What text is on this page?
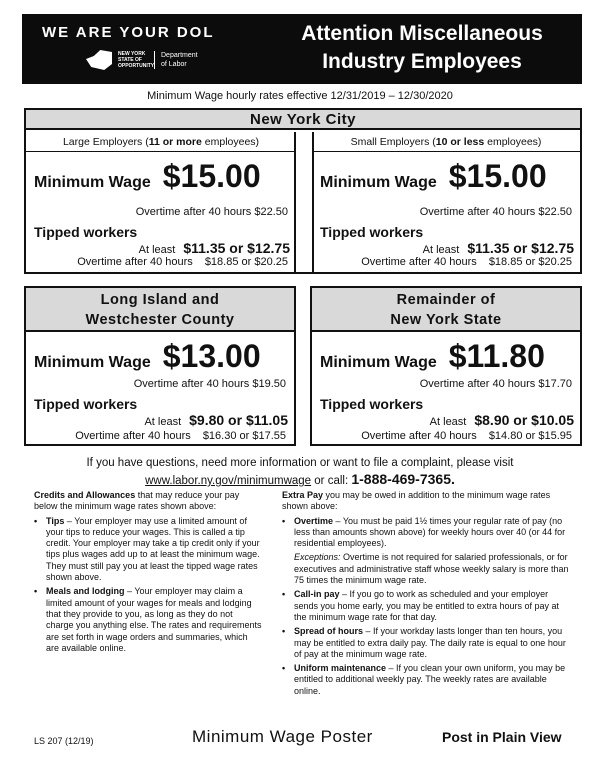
WE ARE YOUR DOL
NEW YORK STATE OF OPPORTUNITY
Department
of Labor
Attention Miscellaneous
Industry Employees
Minimum Wage hourly rates effective 12/31/2019 – 12/30/2020
New York City
Large Employers (11 or more employees)
Minimum Wage $15.00
Overtime after 40 hours $22.50
Tipped workers
At least $11.35 or $12.75
Overtime after 40 hours $18.85 or $20.25
Small Employers (10 or less employees)
Minimum Wage $15.00
Overtime after 40 hours $22.50
Tipped workers
At least $11.35 or $12.75
Overtime after 40 hours $18.85 or $20.25
Long Island and
Westchester County
Minimum Wage $13.00
Overtime after 40 hours $19.50
Tipped workers
At least $9.80 or $11.05
Overtime after 40 hours $16.30 or $17.55
Remainder of
New York State
Minimum Wage $11.80
Overtime after 40 hours $17.70
Tipped workers
At least $8.90 or $10.05
Overtime after 40 hours $14.80 or $15.95
If you have questions, need more information or want to file a complaint, please visit
www.labor.ny.gov/minimumwage or call: 1-888-469-7365.
Credits and Allowances that may reduce your pay below the minimum wage rates shown above:
• Tips – Your employer may use a limited amount of your tips to reduce your wages. This is called a tip credit. Your employer may take a tip credit only if your tips plus wages add up to at least the minimum wage. They must still pay you at least the tipped wage rates shown above.
• Meals and lodging – Your employer may claim a limited amount of your wages for meals and lodging that they provide to you, as long as they do not charge you anything else. The rates and requirements are set forth in wage orders and summaries, which are available online.
Extra Pay you may be owed in addition to the minimum wage rates shown above:
• Overtime – You must be paid 1½ times your regular rate of pay (no less than amounts shown above) for weekly hours over 40 (or 44 for residential employees).
Exceptions: Overtime is not required for salaried professionals, or for executives and administrative staff whose weekly salary is more than 75 times the minimum wage rate.
• Call-in pay – If you go to work as scheduled and your employer sends you home early, you may be entitled to extra hours of pay at the minimum wage rate for that day.
• Spread of hours – If your workday lasts longer than ten hours, you may be entitled to extra daily pay. The daily rate is equal to one hour of pay at the minimum wage rate.
• Uniform maintenance – If you clean your own uniform, you may be entitled to additional weekly pay. The weekly rates are available online.
LS 207 (12/19)	Minimum Wage Poster	Post in Plain View
